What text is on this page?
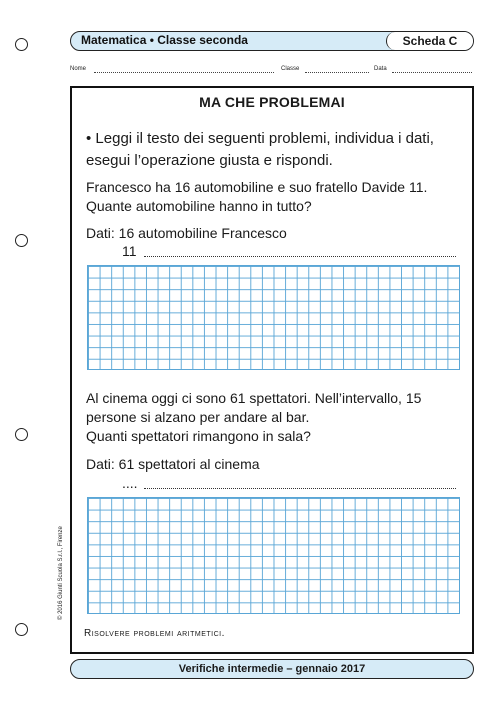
Matematica • Classe seconda	Scheda C
Nome	Classe	Data
MA CHE PROBLEMAI
• Leggi il testo dei seguenti problemi, individua i dati, esegui l’operazione giusta e rispondi.
Francesco ha 16 automobiline e suo fratello Davide 11.
Quante automobiline hanno in tutto?
Dati: 16 automobiline Francesco
11
Al cinema oggi ci sono 61 spettatori. Nell’intervallo, 15
persone si alzano per andare al bar.
Quanti spettatori rimangono in sala?
Dati: 61 spettatori al cinema
....
Risolvere problemi aritmetici.
© 2016 Giunti Scuola S.r.l., Firenze
Verifiche intermedie – gennaio 2017
